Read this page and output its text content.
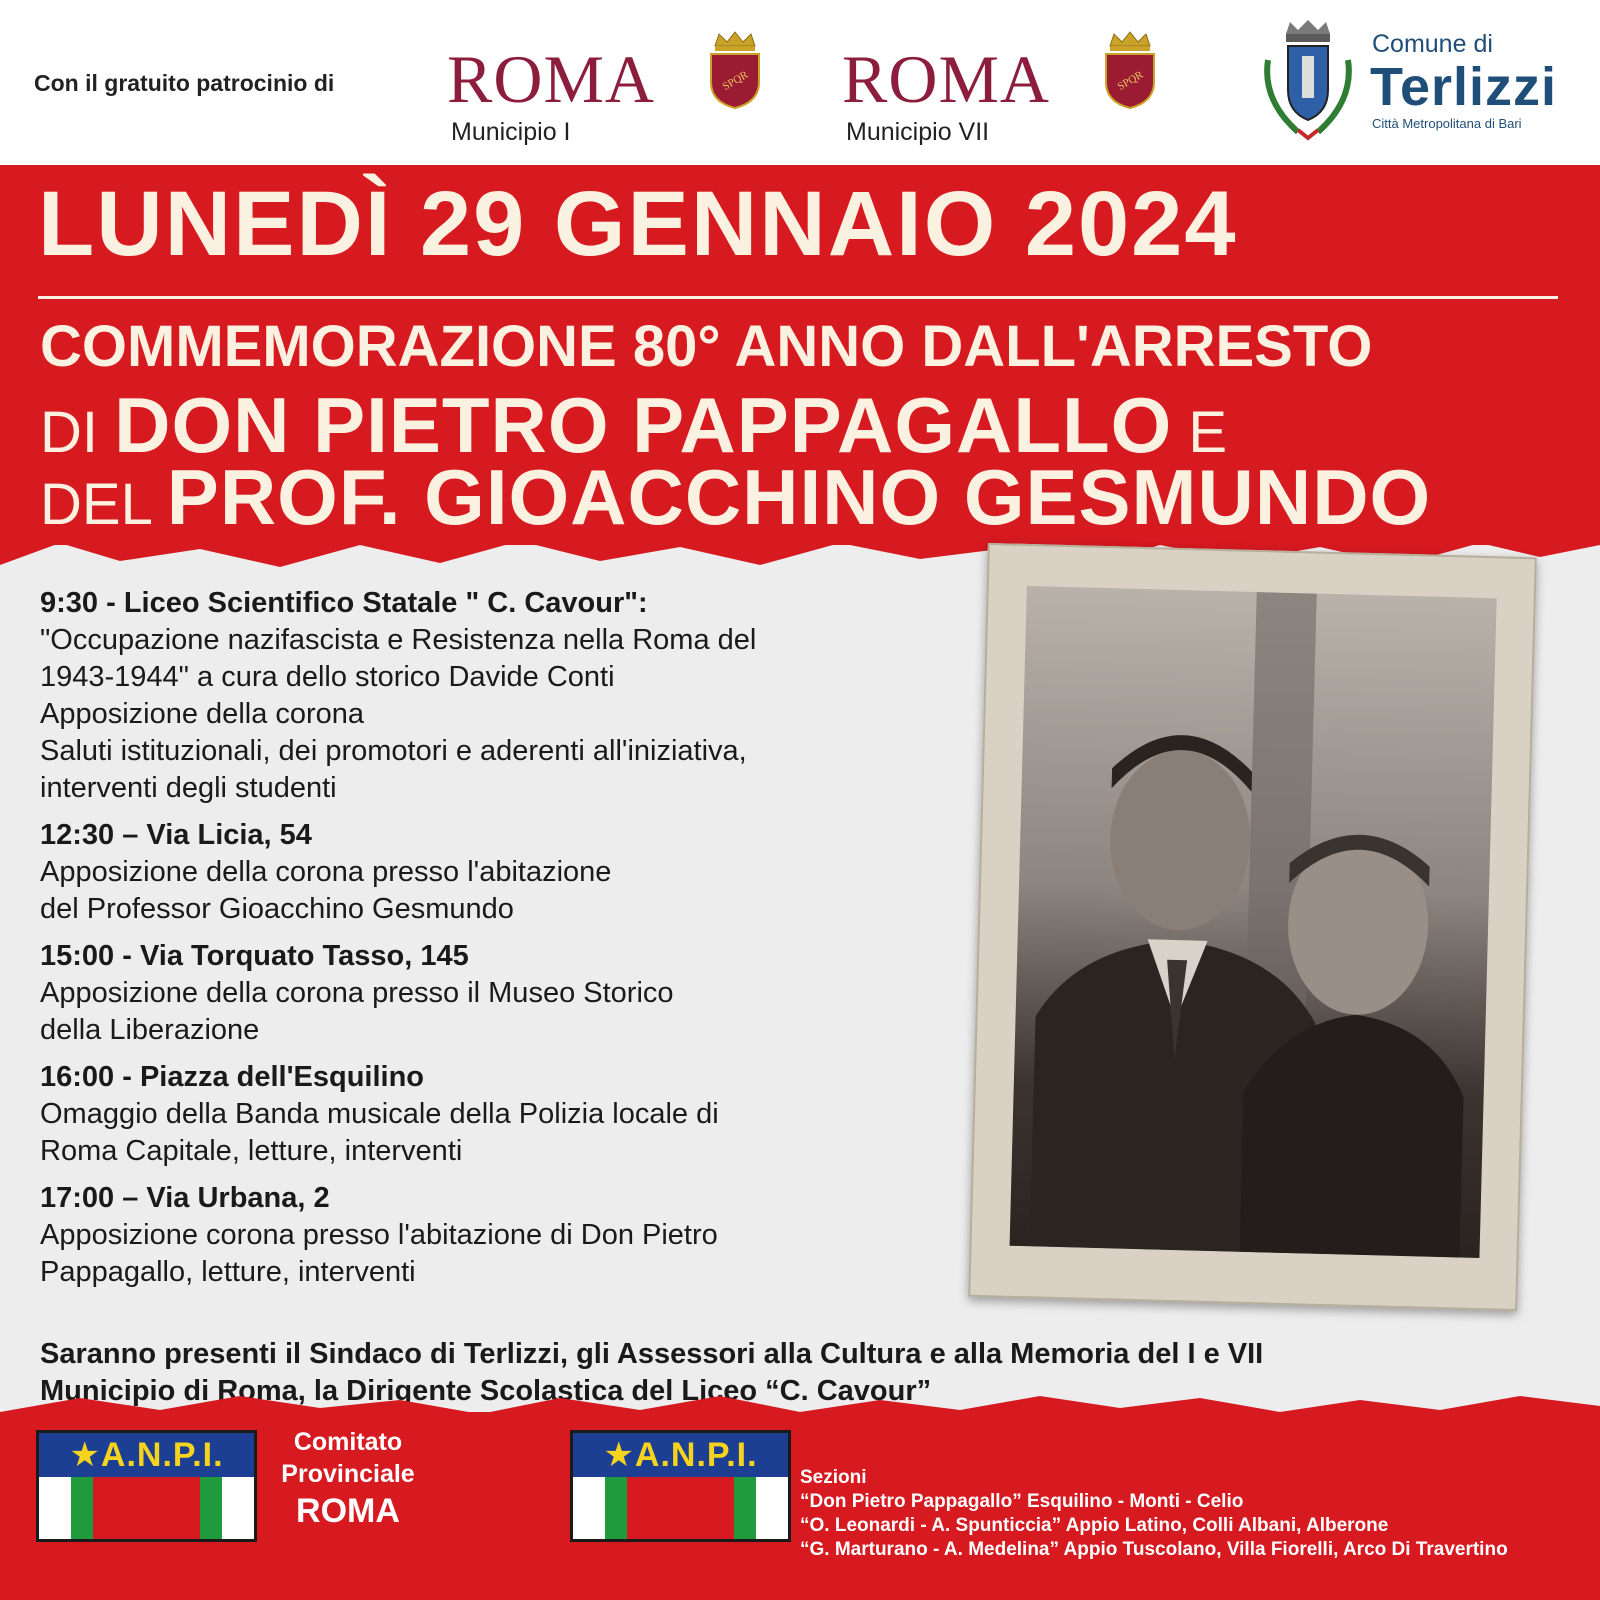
Con il gratuito patrocinio di ROMA
Municipio I
SPQR ROMA
Municipio VII
SPQR
Comune di
Terlizzi
Città Metropolitana di Bari
LUNEDÌ 29 GENNAIO 2024
COMMEMORAZIONE 80° ANNO DALL'ARRESTO
DI DON PIETRO PAPPAGALLO E
DEL PROF. GIOACCHINO GESMUNDO
9:30 - Liceo Scientifico Statale " C. Cavour":
"Occupazione nazifascista e Resistenza nella Roma del
1943-1944" a cura dello storico Davide Conti
Apposizione della corona
Saluti istituzionali, dei promotori e aderenti all'iniziativa,
interventi degli studenti
12:30 – Via Licia, 54
Apposizione della corona presso l'abitazione
del Professor Gioacchino Gesmundo
15:00 - Via Torquato Tasso, 145
Apposizione della corona presso il Museo Storico
della Liberazione
16:00 - Piazza dell'Esquilino
Omaggio della Banda musicale della Polizia locale di
Roma Capitale, letture, interventi
17:00 – Via Urbana, 2
Apposizione corona presso l'abitazione di Don Pietro
Pappagallo, letture, interventi
Saranno presenti il Sindaco di Terlizzi, gli Assessori alla Cultura e alla Memoria del I e VII
Municipio di Roma, la Dirigente Scolastica del Liceo “C. Cavour”
★A.N.P.I.	★A.N.P.I.
Comitato
Provinciale
ROMA
Sezioni
“Don Pietro Pappagallo” Esquilino - Monti - Celio
“O. Leonardi - A. Spunticcia” Appio Latino, Colli Albani, Alberone
“G. Marturano - A. Medelina” Appio Tuscolano, Villa Fiorelli, Arco Di Travertino
